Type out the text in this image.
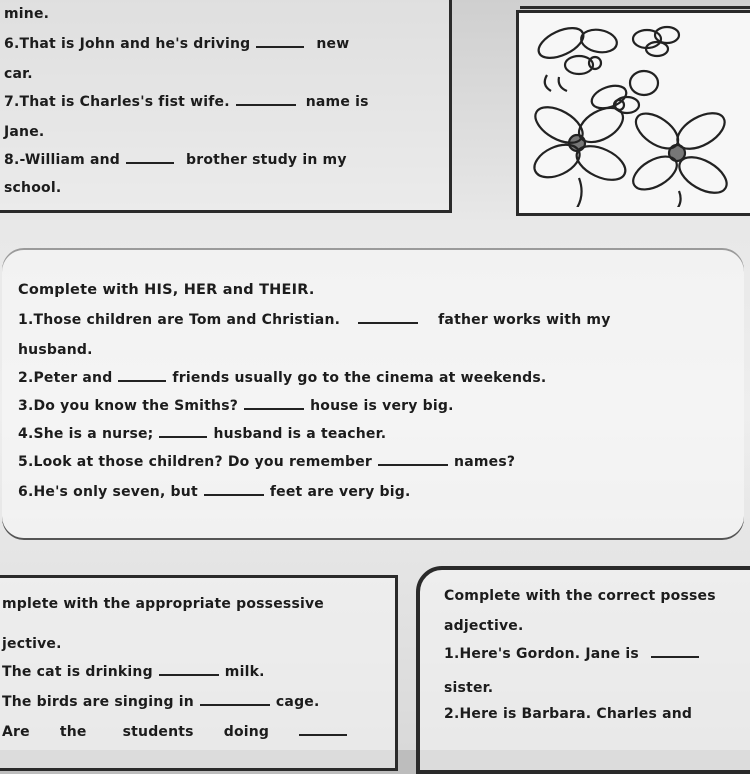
mine.
6.That is John and he's driving	new
car.
7.That is Charles's fist wife.	name is
Jane.
8.-William and	brother study in my
school.
Complete with HIS, HER and THEIR.
1.Those children are Tom and Christian.	father works with my
husband.
2.Peter and	friends usually go to the cinema at weekends.
3.Do you know the Smiths?	house is very big.
4.She is a nurse;	husband is a teacher.
5.Look at those children? Do you remember	names?
6.He's only seven, but	feet are very big.
mplete with the appropriate possessive
jective.
The cat is drinking	milk.
The birds are singing in	cage.
Are the	students doing
Complete with the correct posses
adjective.
1.Here's Gordon. Jane is
sister.
2.Here is Barbara. Charles and
